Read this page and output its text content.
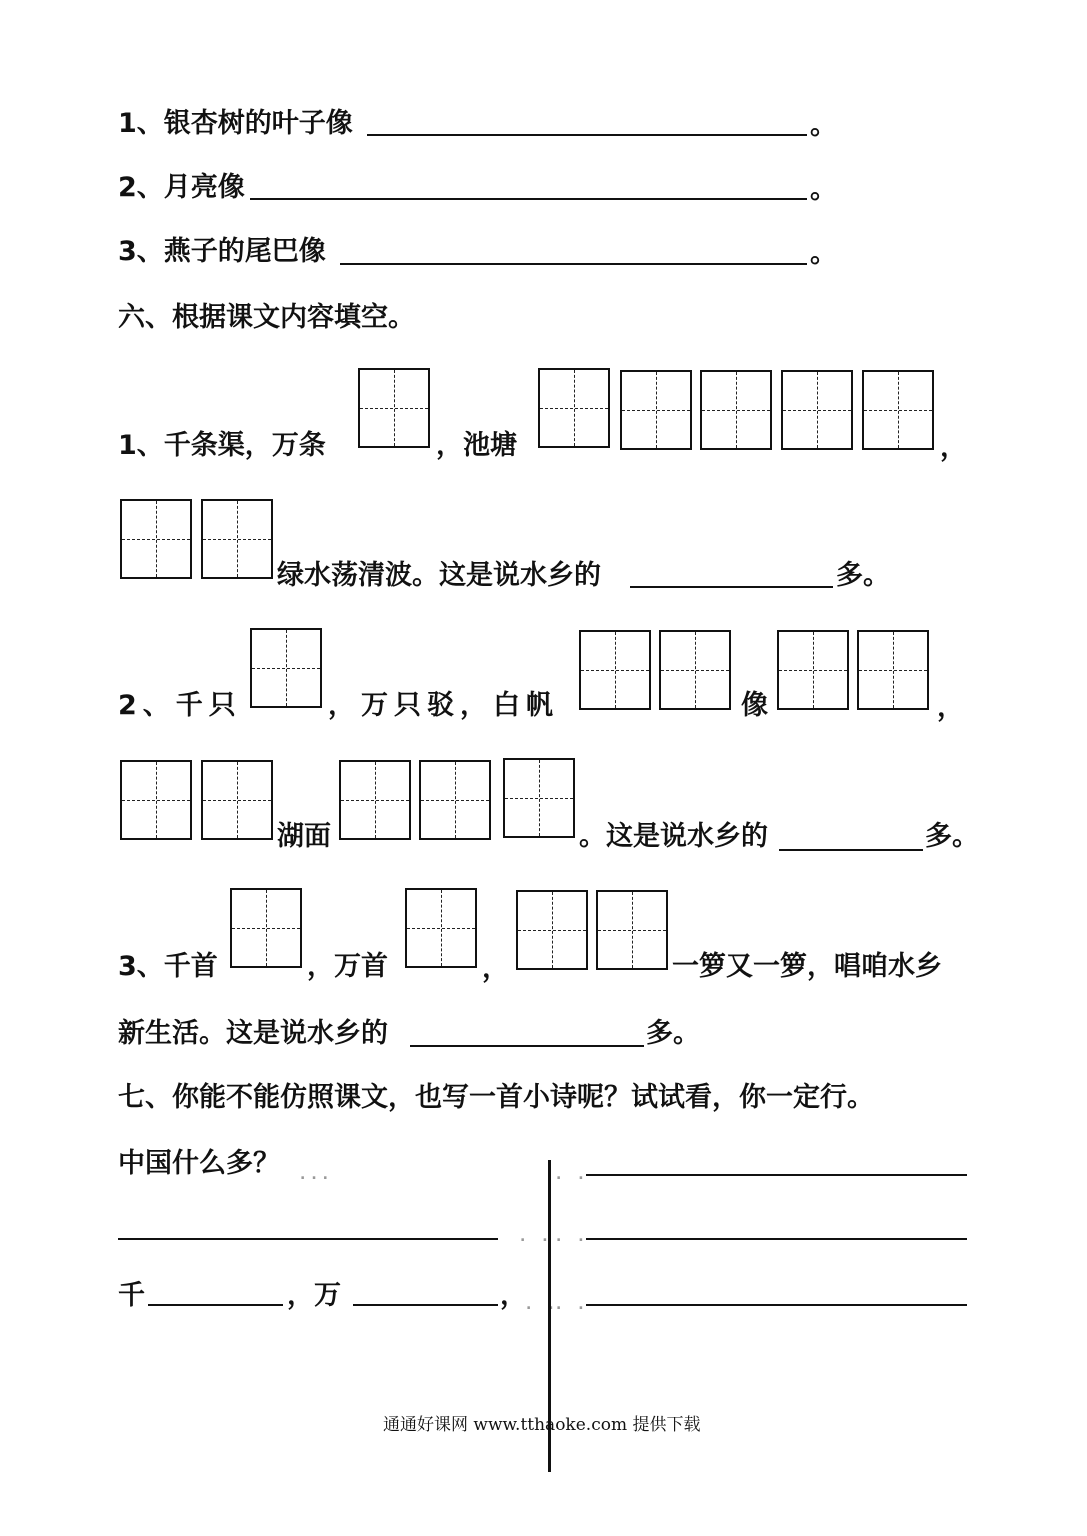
1、银杏树的叶子像	。
2、月亮像	。
3、燕子的尾巴像	。
六、根据课文内容填空。
1、千条渠，万条	，池塘	，
绿水荡清波。这是说水乡的	多。
2、千只	，万只驳，白帆	像	，
湖面	。这是说水乡的	多。
3、千首	，万首	，	一箩又一箩，唱咱水乡
新生活。这是说水乡的	多。
七、你能不能仿照课文，也写一首小诗呢？试试看，你一定行。
中国什么多？ ...
. .
千	，万	， . .
. .
. .
. .
通通好课网 www.tthaoke.com 提供下载
